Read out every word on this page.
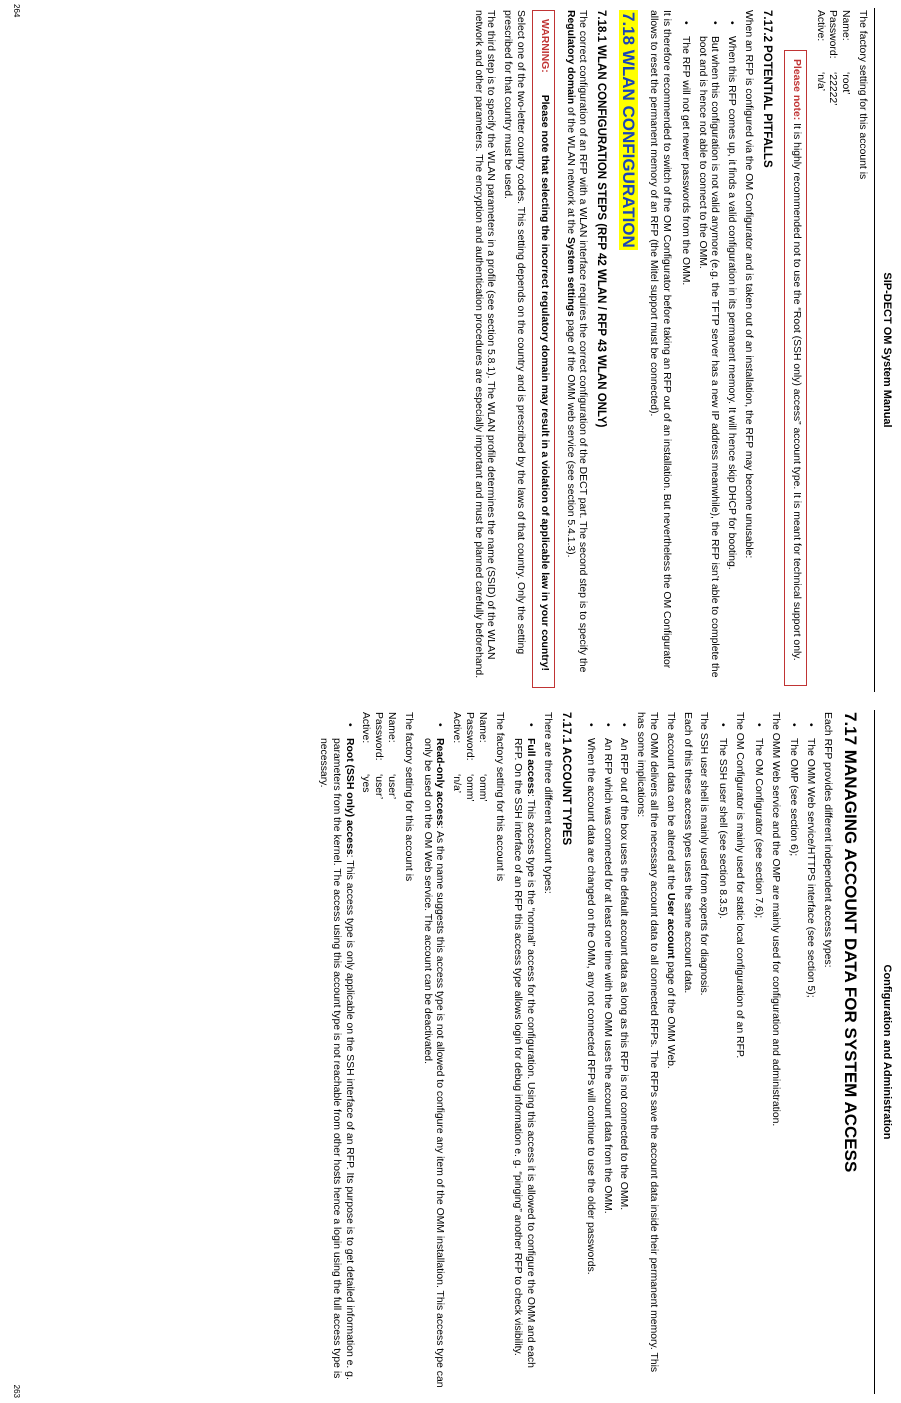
SIP-DECT OM System Manual

The factory setting for this account is

Name:
‘root’
Password:
‘22222’
Active:
‘n/a’
Please note: It is highly recommended not to use the “Root (SSH only) access” account type. It is meant for technical support only.
7.17.2 POTENTIAL PITFALLS

When an RFP is configured via the OM Configurator and is taken out of an installation, the RFP may become unusable:

• When this RFP comes up, it finds a valid configuration in its permanent memory. It will hence skip DHCP for booting.
• But when this configuration is not valid anymore (e.g. the TFTP server has a new IP address meanwhile), the RFP isn’t able to complete the boot and is hence not able to connect to the OMM.
• The RFP will not get newer passwords from the OMM.

It is therefore recommended to switch of the OM Configurator before taking an RFP out of an installation. But nevertheless the OM Configurator allows to reset the permanent memory of an RFP (the Mitel support must be connected).

7.18 WLAN CONFIGURATION
7.18.1 WLAN CONFIGURATION STEPS (RFP 42 WLAN / RFP 43 WLAN ONLY)

The correct configuration of an RFP with a WLAN interface requires the correct configuration of the DECT part. The second step is to specify the Regulatory domain of the WLAN network at the System settings page of the OMM web service (see section 5.4.1.3).

WARNING:
Please note that selecting the incorrect regulatory domain may result in a violation of applicable law in your country!

Select one of the two-letter country codes. This setting depends on the country and is prescribed by the laws of that country. Only the setting prescribed for that country must be used.

The third step is to specify the WLAN parameters in a profile (see section 5.8.1). The WLAN profile determines the name (SSID) of the WLAN network and other parameters. The encryption and authentication procedures are especially important and must be planned carefully beforehand.

264
Configuration and Administration
7.17 MANAGING ACCOUNT DATA FOR SYSTEM ACCESS

Each RFP provides different independent access types:

• The OMM Web service/HTTPS interface (see section 5);
• The OMP (see section 6);

The OMM Web service and the OMP are mainly used for configuration and administration.

• The OM Configurator (see section 7.6);

The OM Configurator is mainly used for static local configuration of an RFP.

• The SSH user shell (see section 8.3.5).

The SSH user shell is mainly used from experts for diagnosis.

Each of this these access types uses the same account data.

The account data can be altered at the User account page of the OMM Web.

The OMM delivers all the necessary account data to all connected RFPs. The RFPs save the account data inside their permanent memory. This has some implications:

• An RFP out of the box uses the default account data as long as this RFP is not connected to the OMM.
• An RFP which was connected for at least one time with the OMM uses the account data from the OMM.
• When the account data are changed on the OMM, any not connected RFPs will continue to use the older passwords.
7.17.1 ACCOUNT TYPES

There are three different account types:

• Full access: This access type is the “normal” access for the configuration. Using this access it is allowed to configure the OMM and each RFP. On the SSH interface of an RFP this access type allows login for debug information e. g. “pinging” another RFP to check visibility.

The factory setting for this account is

Name:
‘omm’
Password:
‘omm’
Active:
‘n/a’
• Read-only access: As the name suggests this access type is not allowed to configure any item of the OMM installation. This access type can only be used on the OM Web service. The account can be deactivated.

The factory setting for this account is

Name:
‘user’
Password:
‘user’
Active:
‘yes
• Root (SSH only) access: This access type is only applicable on the SSH interface of an RFP. Its purpose is to get detailed information e. g. parameters from the kernel. The access using this account type is not reachable from other hosts hence a login using the full access type is necessary.
263
